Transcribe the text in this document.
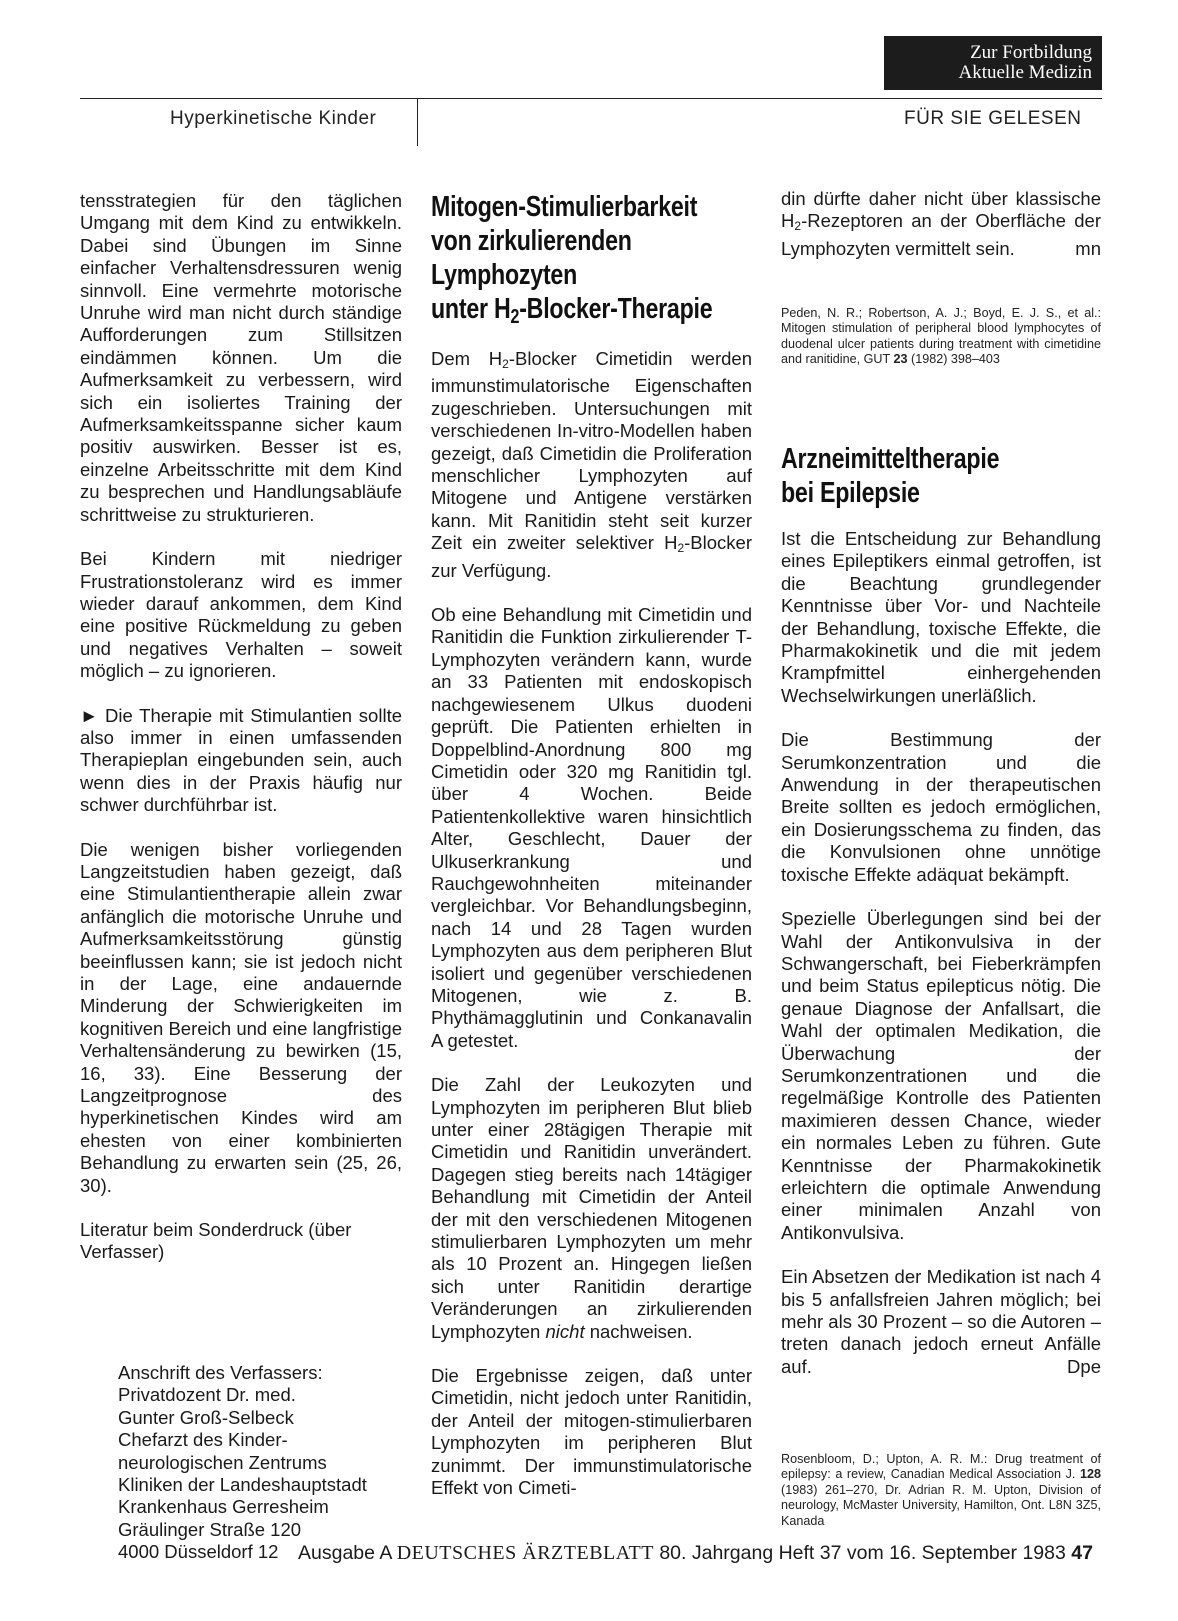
Zur Fortbildung
Aktuelle Medizin
Hyperkinetische Kinder	FÜR SIE GELESEN

tensstrategien für den täglichen Umgang mit dem Kind zu entwikkeln. Dabei sind Übungen im Sinne einfacher Verhaltensdressuren wenig sinnvoll. Eine vermehrte motorische Unruhe wird man nicht durch ständige Aufforderungen zum Stillsitzen eindämmen können. Um die Aufmerksamkeit zu verbessern, wird sich ein isoliertes Training der Aufmerksamkeitsspanne sicher kaum positiv auswirken. Besser ist es, einzelne Arbeitsschritte mit dem Kind zu besprechen und Handlungsabläufe schrittweise zu strukturieren.

Bei Kindern mit niedriger Frustrationstoleranz wird es immer wieder darauf ankommen, dem Kind eine positive Rückmeldung zu geben und negatives Verhalten – soweit möglich – zu ignorieren.

► Die Therapie mit Stimulantien sollte also immer in einen umfassenden Therapieplan eingebunden sein, auch wenn dies in der Praxis häufig nur schwer durchführbar ist.

Die wenigen bisher vorliegenden Langzeitstudien haben gezeigt, daß eine Stimulantientherapie allein zwar anfänglich die motorische Unruhe und Aufmerksamkeitsstörung günstig beeinflussen kann; sie ist jedoch nicht in der Lage, eine andauernde Minderung der Schwierigkeiten im kognitiven Bereich und eine langfristige Verhaltensänderung zu bewirken (15, 16, 33). Eine Besserung der Langzeitprognose des hyperkinetischen Kindes wird am ehesten von einer kombinierten Behandlung zu erwarten sein (25, 26, 30).

Literatur beim Sonderdruck (über Verfasser)

Anschrift des Verfassers:
Privatdozent Dr. med.
Gunter Groß-Selbeck
Chefarzt des Kinder-
neurologischen Zentrums
Kliniken der Landeshauptstadt
Krankenhaus Gerresheim
Gräulinger Straße 120
4000 Düsseldorf 12
Mitogen-Stimulierbarkeit
von zirkulierenden
Lymphozyten
unter H2-Blocker-Therapie

Dem H2-Blocker Cimetidin werden immunstimulatorische Eigenschaften zugeschrieben. Untersuchungen mit verschiedenen In-vitro-Modellen haben gezeigt, daß Cimetidin die Proliferation menschlicher Lymphozyten auf Mitogene und Antigene verstärken kann. Mit Ranitidin steht seit kurzer Zeit ein zweiter selektiver H2-Blocker zur Verfügung.

Ob eine Behandlung mit Cimetidin und Ranitidin die Funktion zirkulierender T-Lymphozyten verändern kann, wurde an 33 Patienten mit endoskopisch nachgewiesenem Ulkus duodeni geprüft. Die Patienten erhielten in Doppelblind-Anordnung 800 mg Cimetidin oder 320 mg Ranitidin tgl. über 4 Wochen. Beide Patientenkollektive waren hinsichtlich Alter, Geschlecht, Dauer der Ulkuserkrankung und Rauchgewohnheiten miteinander vergleichbar. Vor Behandlungsbeginn, nach 14 und 28 Tagen wurden Lymphozyten aus dem peripheren Blut isoliert und gegenüber verschiedenen Mitogenen, wie z. B. Phythämagglutinin und Conkanavalin A getestet.

Die Zahl der Leukozyten und Lymphozyten im peripheren Blut blieb unter einer 28tägigen Therapie mit Cimetidin und Ranitidin unverändert. Dagegen stieg bereits nach 14tägiger Behandlung mit Cimetidin der Anteil der mit den verschiedenen Mitogenen stimulierbaren Lymphozyten um mehr als 10 Prozent an. Hingegen ließen sich unter Ranitidin derartige Veränderungen an zirkulierenden Lymphozyten nicht nachweisen.

Die Ergebnisse zeigen, daß unter Cimetidin, nicht jedoch unter Ranitidin, der Anteil der mitogen-stimulierbaren Lymphozyten im peripheren Blut zunimmt. Der immunstimulatorische Effekt von Cimeti-

din dürfte daher nicht über klassische H2-Rezeptoren an der Oberfläche der Lymphozyten vermittelt sein.	mn

Peden, N. R.; Robertson, A. J.; Boyd, E. J. S., et al.: Mitogen stimulation of peripheral blood lymphocytes of duodenal ulcer patients during treatment with cimetidine and ranitidine, GUT 23 (1982) 398–403
Arzneimitteltherapie
bei Epilepsie

Ist die Entscheidung zur Behandlung eines Epileptikers einmal getroffen, ist die Beachtung grundlegender Kenntnisse über Vor- und Nachteile der Behandlung, toxische Effekte, die Pharmakokinetik und die mit jedem Krampfmittel einhergehenden Wechselwirkungen unerläßlich.

Die Bestimmung der Serumkonzentration und die Anwendung in der therapeutischen Breite sollten es jedoch ermöglichen, ein Dosierungsschema zu finden, das die Konvulsionen ohne unnötige toxische Effekte adäquat bekämpft.

Spezielle Überlegungen sind bei der Wahl der Antikonvulsiva in der Schwangerschaft, bei Fieberkrämpfen und beim Status epilepticus nötig. Die genaue Diagnose der Anfallsart, die Wahl der optimalen Medikation, die Überwachung der Serumkonzentrationen und die regelmäßige Kontrolle des Patienten maximieren dessen Chance, wieder ein normales Leben zu führen. Gute Kenntnisse der Pharmakokinetik erleichtern die optimale Anwendung einer minimalen Anzahl von Antikonvulsiva.

Ein Absetzen der Medikation ist nach 4 bis 5 anfallsfreien Jahren möglich; bei mehr als 30 Prozent – so die Autoren – treten danach jedoch erneut Anfälle auf.	Dpe

Rosenbloom, D.; Upton, A. R. M.: Drug treatment of epilepsy: a review, Canadian Medical Association J. 128 (1983) 261–270, Dr. Adrian R. M. Upton, Division of neurology, McMaster University, Hamilton, Ont. L8N 3Z5, Kanada
Ausgabe A DEUTSCHES ÄRZTEBLATT 80. Jahrgang Heft 37 vom 16. September 1983 47
